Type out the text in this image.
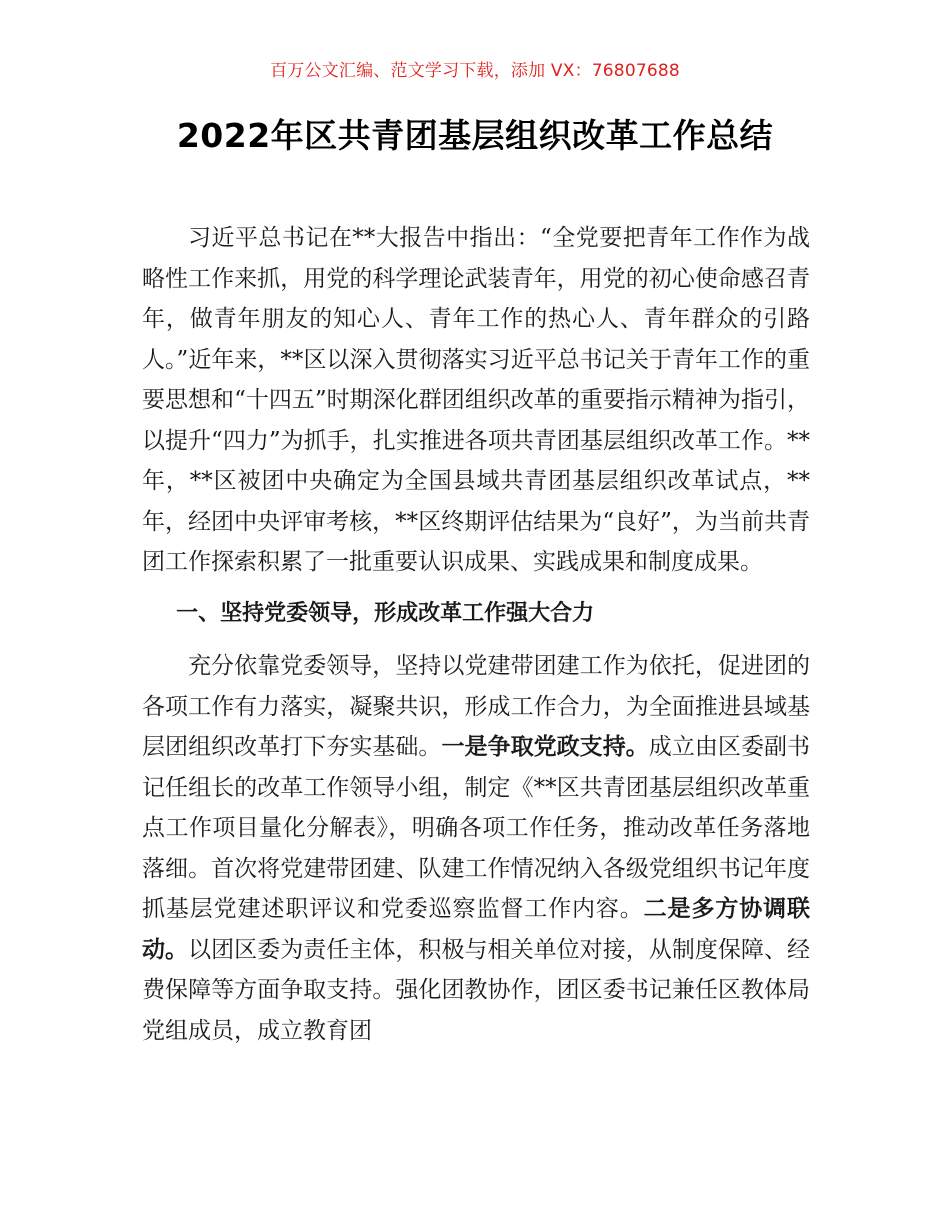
百万公文汇编、范文学习下载，添加 VX：76807688
2022年区共青团基层组织改革工作总结

习近平总书记在**大报告中指出：“全党要把青年工作作为战略性工作来抓，用党的科学理论武装青年，用党的初心使命感召青年，做青年朋友的知心人、青年工作的热心人、青年群众的引路人。”近年来，**区以深入贯彻落实习近平总书记关于青年工作的重要思想和“十四五”时期深化群团组织改革的重要指示精神为指引，以提升“四力”为抓手，扎实推进各项共青团基层组织改革工作。**年，**区被团中央确定为全国县域共青团基层组织改革试点，**年，经团中央评审考核，**区终期评估结果为“良好”，为当前共青团工作探索积累了一批重要认识成果、实践成果和制度成果。

一、坚持党委领导，形成改革工作强大合力

充分依靠党委领导，坚持以党建带团建工作为依托，促进团的各项工作有力落实，凝聚共识，形成工作合力，为全面推进县域基层团组织改革打下夯实基础。一是争取党政支持。成立由区委副书记任组长的改革工作领导小组，制定《**区共青团基层组织改革重点工作项目量化分解表》，明确各项工作任务，推动改革任务落地落细。首次将党建带团建、队建工作情况纳入各级党组织书记年度抓基层党建述职评议和党委巡察监督工作内容。二是多方协调联动。以团区委为责任主体，积极与相关单位对接，从制度保障、经费保障等方面争取支持。强化团教协作，团区委书记兼任区教体局党组成员，成立教育团
